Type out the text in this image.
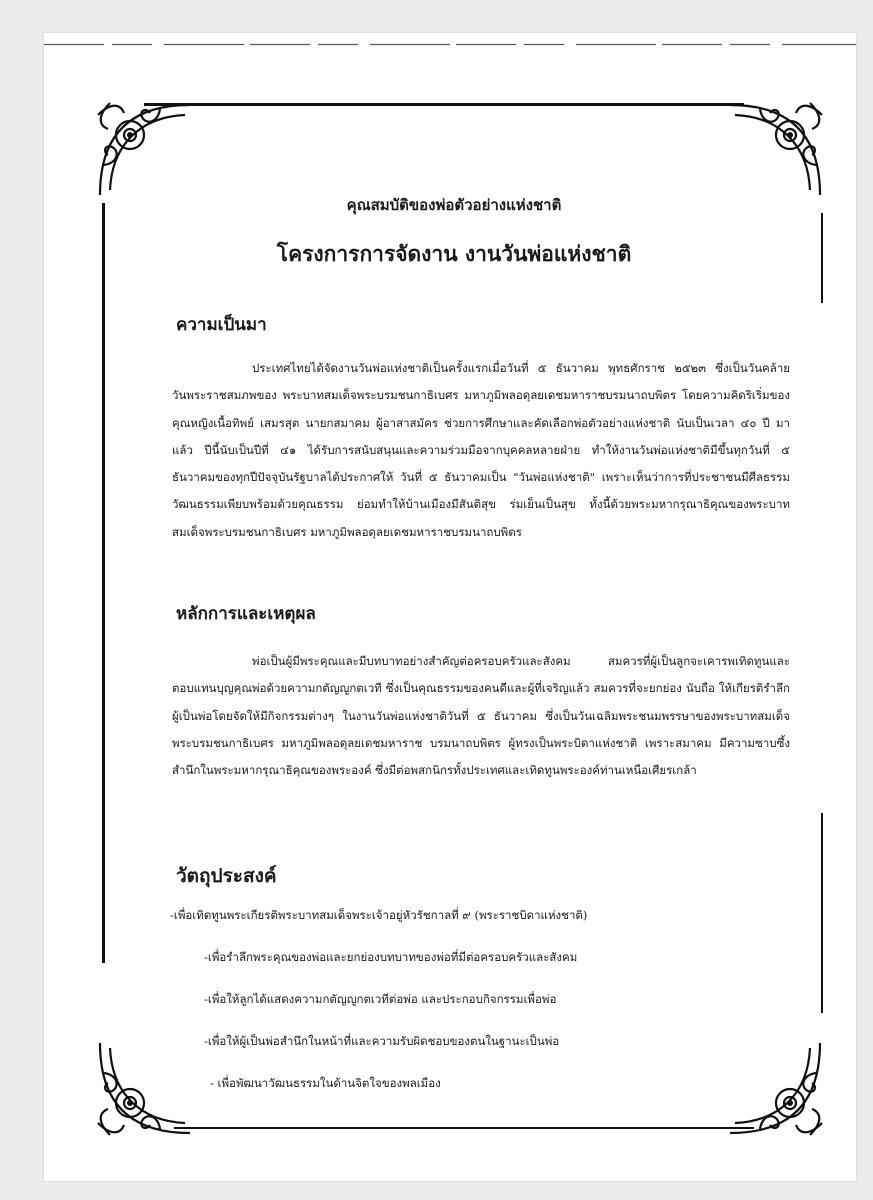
คุณสมบัติของพ่อตัวอย่างแห่งชาติ
โครงการการจัดงาน งานวันพ่อแห่งชาติ
ความเป็นมา

ประเทศไทยได้จัดงานวันพ่อแห่งชาติเป็นครั้งแรกเมื่อวันที่ ๕ ธันวาคม พุทธศักราช ๒๕๒๓ ซึ่งเป็นวันคล้ายวันพระราชสมภพของ พระบาทสมเด็จพระบรมชนกาธิเบศร มหาภูมิพลอดุลยเดชมหาราชบรมนาถบพิตร โดยความคิดริเริ่มของคุณหญิงเนื้อทิพย์ เสมรสุต นายกสมาคม ผู้อาสาสมัคร ช่วยการศึกษาและคัดเลือกพ่อตัวอย่างแห่งชาติ นับเป็นเวลา ๔๐ ปี มาแล้ว ปีนี้นับเป็นปีที่ ๔๑ ได้รับการสนับสนุนและความร่วมมือจากบุคคลหลายฝ่าย ทำให้งานวันพ่อแห่งชาติมีขึ้นทุกวันที่ ๕ ธันวาคมของทุกปีปัจจุบันรัฐบาลได้ประกาศให้ วันที่ ๕ ธันวาคมเป็น "วันพ่อแห่งชาติ" เพราะเห็นว่าการที่ประชาชนมีศีลธรรม วัฒนธรรมเพียบพร้อมด้วยคุณธรรม ย่อมทำให้บ้านเมืองมีสันติสุข ร่มเย็นเป็นสุข ทั้งนี้ด้วยพระมหากรุณาธิคุณของพระบาทสมเด็จพระบรมชนกาธิเบศร มหาภูมิพลอดุลยเดชมหาราชบรมนาถบพิตร

หลักการและเหตุผล

พ่อเป็นผู้มีพระคุณและมีบทบาทอย่างสำคัญต่อครอบครัวและสังคม สมควรที่ผู้เป็นลูกจะเคารพเทิดทูนและตอบแทนบุญคุณพ่อด้วยความกตัญญูกตเวที ซึ่งเป็นคุณธรรมของคนดีและผู้ที่เจริญแล้ว สมควรที่จะยกย่อง นับถือ ให้เกียรติรำลึกผู้เป็นพ่อโดยจัดให้มีกิจกรรมต่างๆ ในงานวันพ่อแห่งชาติวันที่ ๕ ธันวาคม ซึ่งเป็นวันเฉลิมพระชนมพรรษาของพระบาทสมเด็จพระบรมชนกาธิเบศร มหาภูมิพลอดุลยเดชมหาราช บรมนาถบพิตร ผู้ทรงเป็นพระบิดาแห่งชาติ เพราะสมาคม มีความซาบซึ้ง สำนึกในพระมหากรุณาธิคุณของพระองค์ ซึ่งมีต่อพสกนิกรทั้งประเทศและเทิดทูนพระองค์ท่านเหนือเศียรเกล้า

วัตถุประสงค์
-เพื่อเทิดทูนพระเกียรติพระบาทสมเด็จพระเจ้าอยู่หัวรัชกาลที่ ๙ (พระราชบิดาแห่งชาติ)
-เพื่อรำลึกพระคุณของพ่อและยกย่องบทบาทของพ่อที่มีต่อครอบครัวและสังคม
-เพื่อให้ลูกได้แสดงความกตัญญูกตเวทีต่อพ่อ และประกอบกิจกรรมเพื่อพ่อ
-เพื่อให้ผู้เป็นพ่อสำนึกในหน้าที่และความรับผิดชอบของตนในฐานะเป็นพ่อ
- เพื่อพัฒนาวัฒนธรรมในด้านจิตใจของพลเมือง
